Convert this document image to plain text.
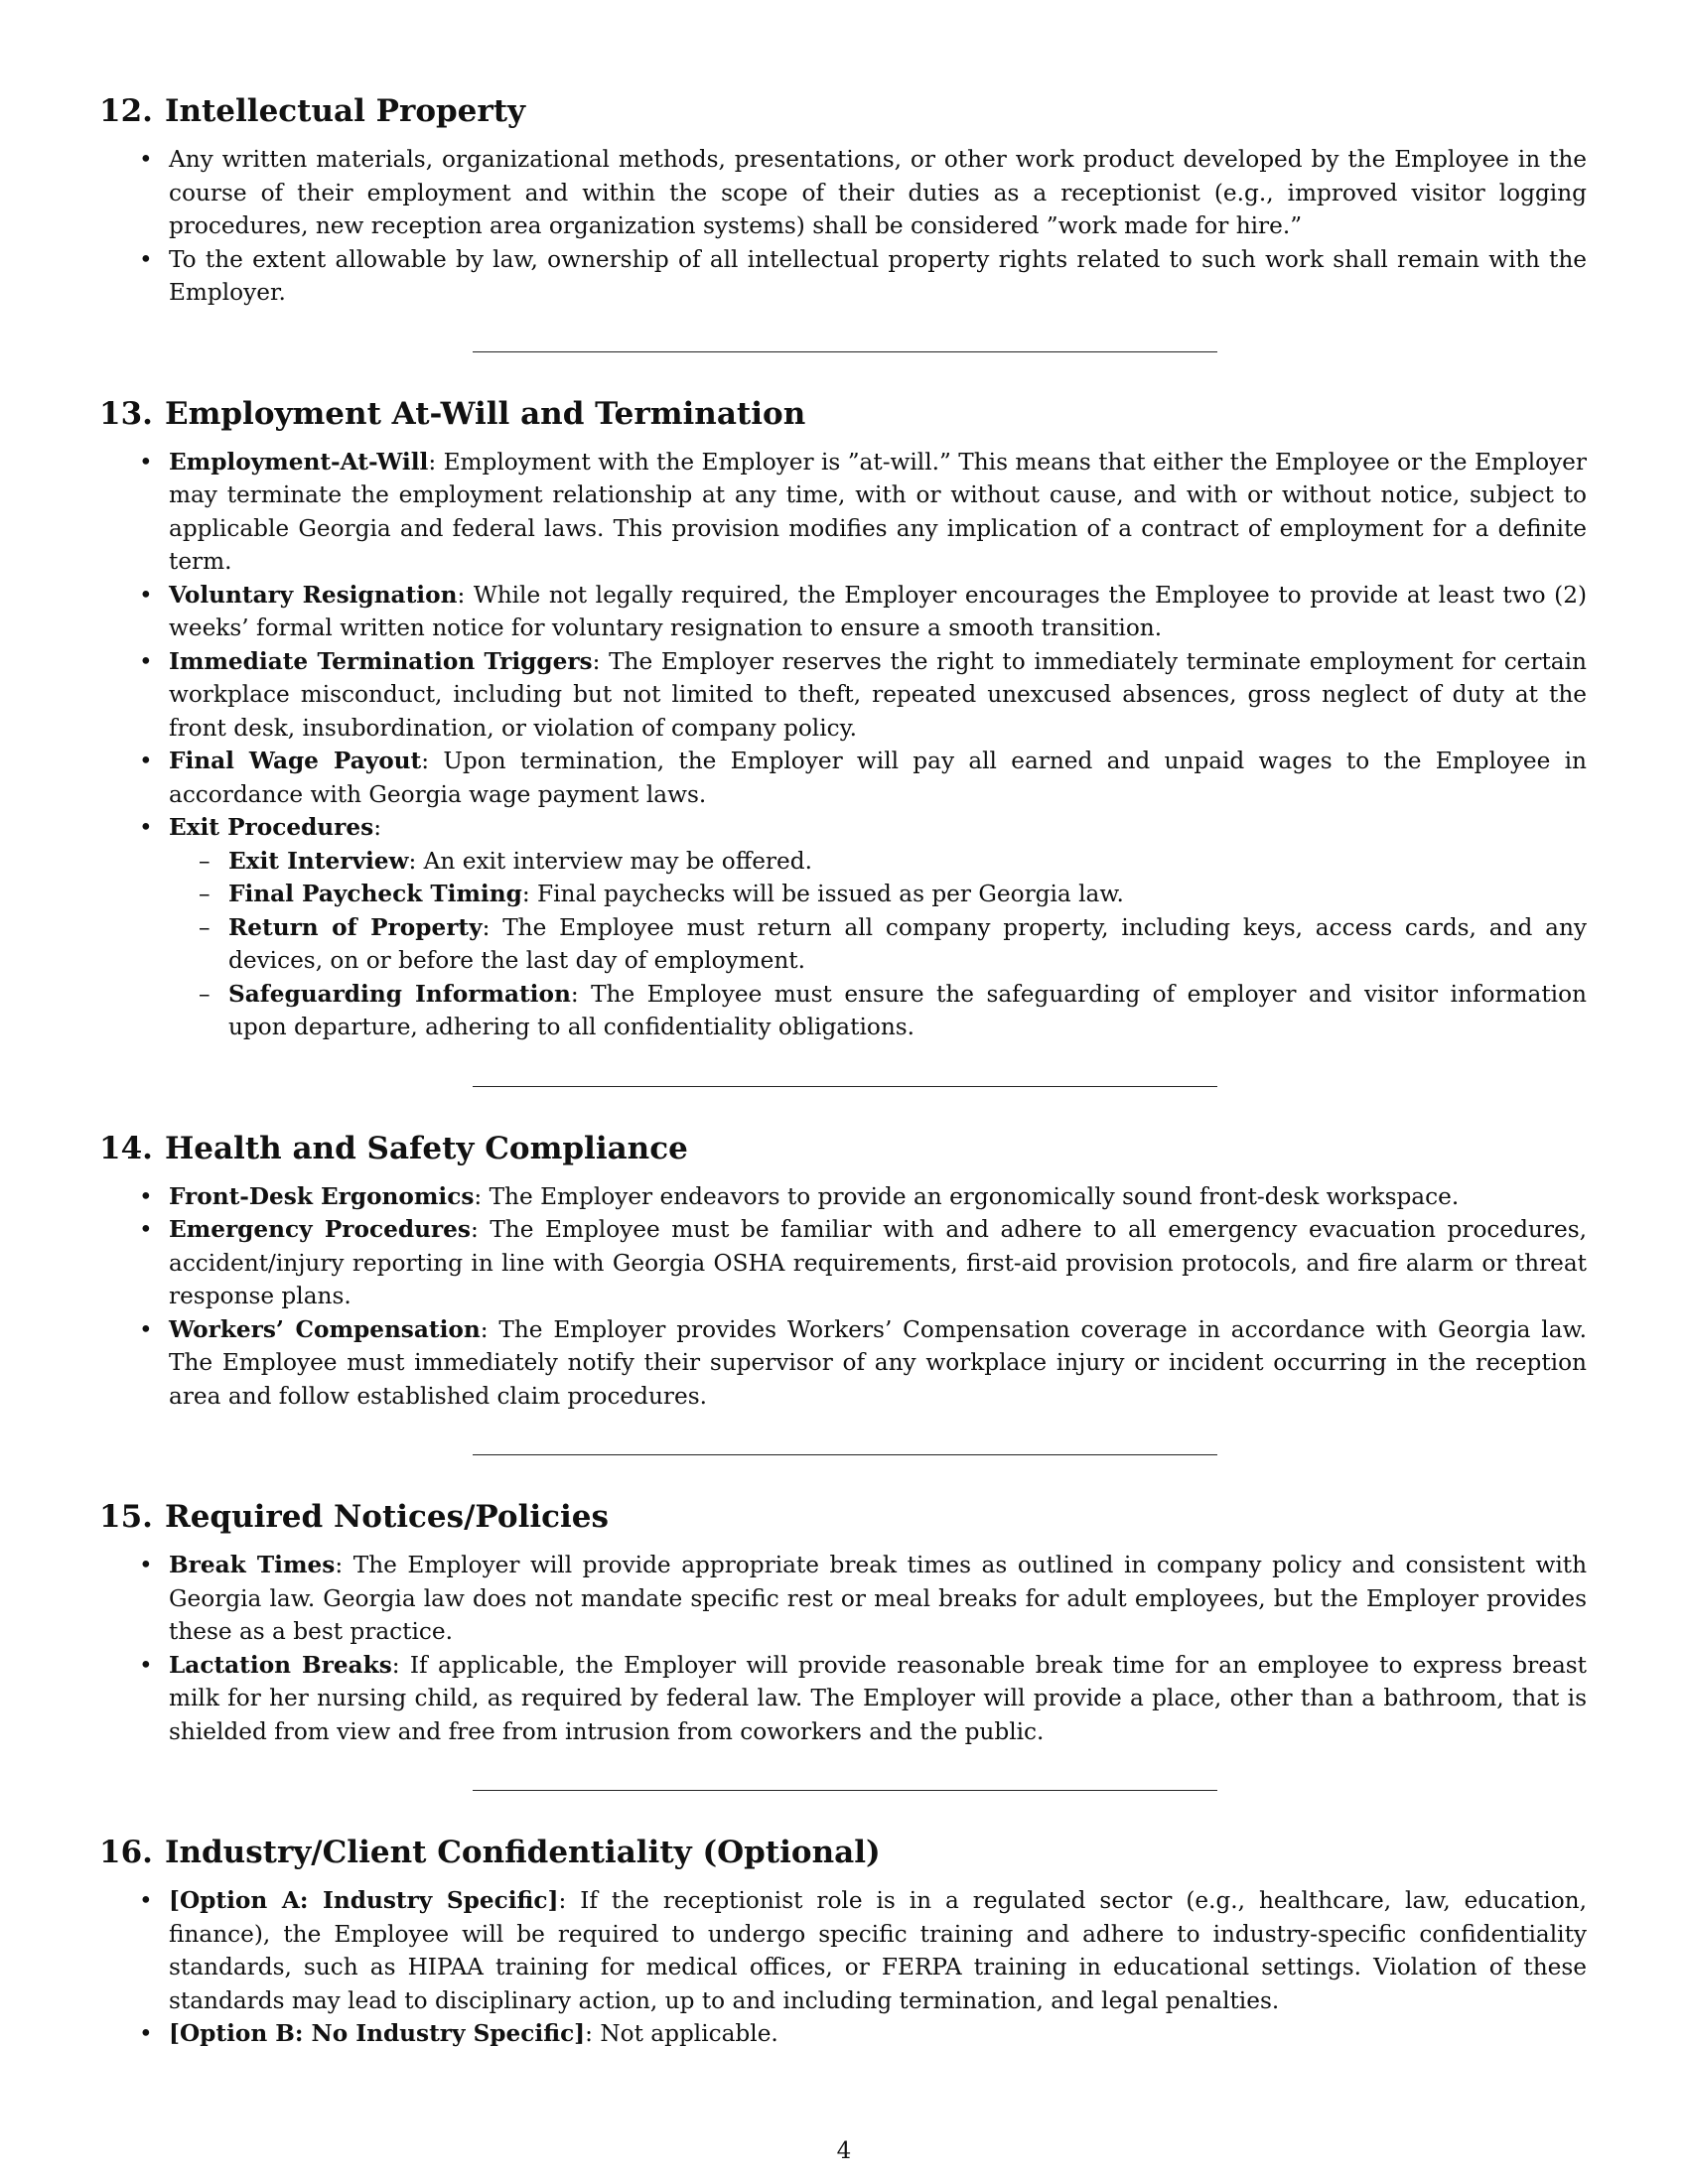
12. Intellectual Property
• Any written materials, organizational methods, presentations, or other work product developed by the Employee in the course of their employment and within the scope of their duties as a receptionist (e.g., improved visitor logging procedures, new reception area organization systems) shall be considered ”work made for hire.”
• To the extent allowable by law, ownership of all intellectual property rights related to such work shall remain with the Employer.
13. Employment At-Will and Termination
• Employment-At-Will: Employment with the Employer is ”at-will.” This means that either the Employee or the Employer may terminate the employment relationship at any time, with or without cause, and with or without notice, subject to applicable Georgia and federal laws. This provision modifies any implication of a contract of employment for a definite term.
• Voluntary Resignation: While not legally required, the Employer encourages the Employee to provide at least two (2) weeks’ formal written notice for voluntary resignation to ensure a smooth transition.
• Immediate Termination Triggers: The Employer reserves the right to immediately terminate employment for certain workplace misconduct, including but not limited to theft, repeated unexcused absences, gross neglect of duty at the front desk, insubordination, or violation of company policy.
• Final Wage Payout: Upon termination, the Employer will pay all earned and unpaid wages to the Employee in accordance with Georgia wage payment laws.
• Exit Procedures:
– Exit Interview: An exit interview may be offered.
– Final Paycheck Timing: Final paychecks will be issued as per Georgia law.
– Return of Property: The Employee must return all company property, including keys, access cards, and any devices, on or before the last day of employment.
– Safeguarding Information: The Employee must ensure the safeguarding of employer and visitor information upon departure, adhering to all confidentiality obligations.
14. Health and Safety Compliance
• Front-Desk Ergonomics: The Employer endeavors to provide an ergonomically sound front-desk workspace.
• Emergency Procedures: The Employee must be familiar with and adhere to all emergency evacuation procedures, accident/injury reporting in line with Georgia OSHA requirements, first-aid provision protocols, and fire alarm or threat response plans.
• Workers’ Compensation: The Employer provides Workers’ Compensation coverage in accordance with Georgia law. The Employee must immediately notify their supervisor of any workplace injury or incident occurring in the reception area and follow established claim procedures.
15. Required Notices/Policies
• Break Times: The Employer will provide appropriate break times as outlined in company policy and consistent with Georgia law. Georgia law does not mandate specific rest or meal breaks for adult employees, but the Employer provides these as a best practice.
• Lactation Breaks: If applicable, the Employer will provide reasonable break time for an employee to express breast milk for her nursing child, as required by federal law. The Employer will provide a place, other than a bathroom, that is shielded from view and free from intrusion from coworkers and the public.
16. Industry/Client Confidentiality (Optional)
• [Option A: Industry Specific]: If the receptionist role is in a regulated sector (e.g., healthcare, law, education, finance), the Employee will be required to undergo specific training and adhere to industry-specific confidentiality standards, such as HIPAA training for medical offices, or FERPA training in educational settings. Violation of these standards may lead to disciplinary action, up to and including termination, and legal penalties.
• [Option B: No Industry Specific]: Not applicable.
4
